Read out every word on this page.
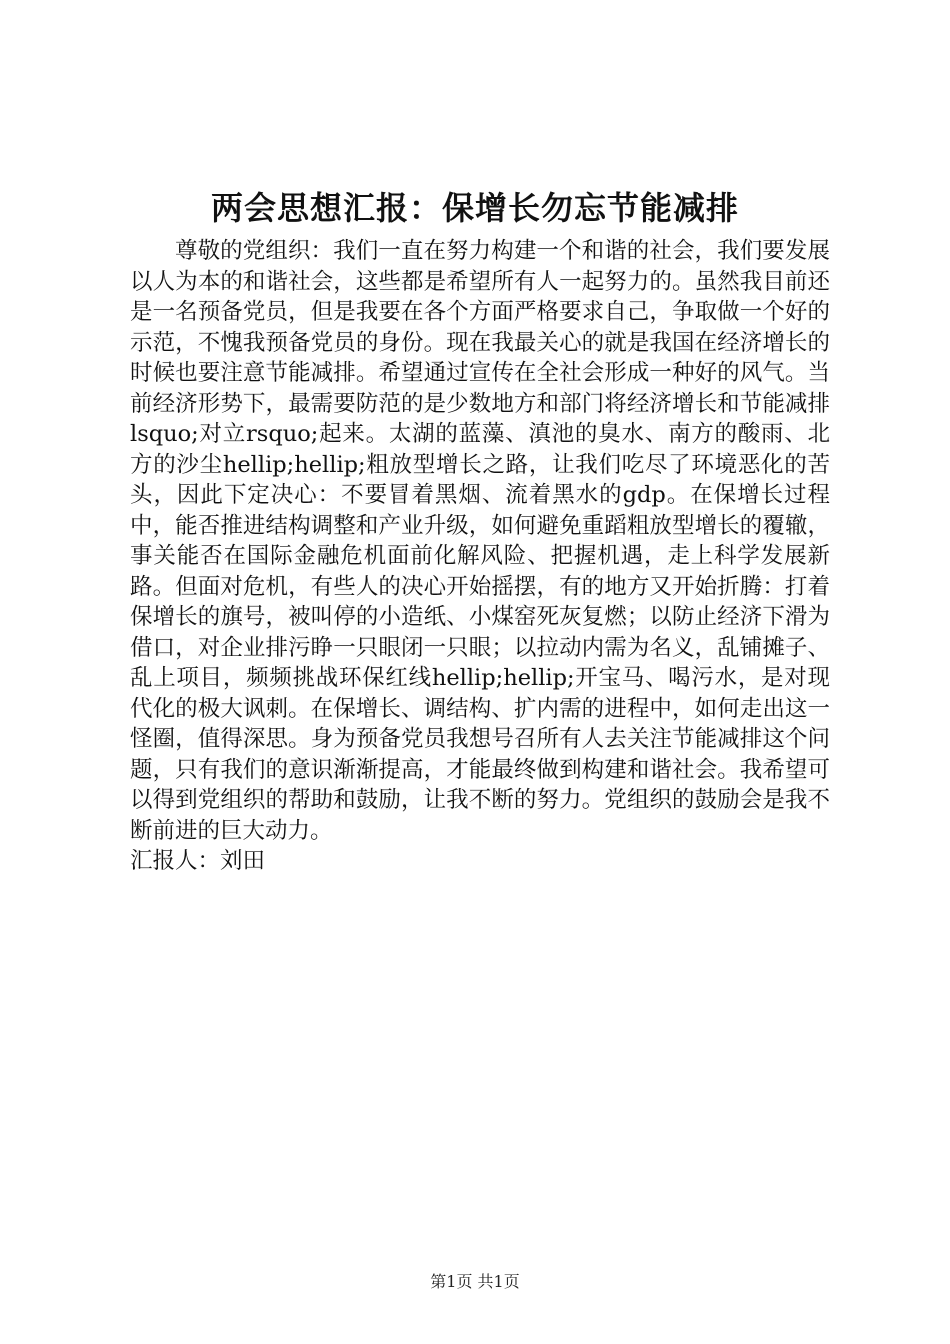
两会思想汇报：保增长勿忘节能减排

尊敬的党组织：我们一直在努力构建一个和谐的社会，我们要发展以人为本的和谐社会，这些都是希望所有人一起努力的。虽然我目前还是一名预备党员，但是我要在各个方面严格要求自己，争取做一个好的示范，不愧我预备党员的身份。现在我最关心的就是我国在经济增长的时候也要注意节能减排。希望通过宣传在全社会形成一种好的风气。当前经济形势下，最需要防范的是少数地方和部门将经济增长和节能减排 lsquo;对立rsquo;起来。太湖的蓝藻、滇池的臭水、南方的酸雨、北方的沙尘hellip;hellip;粗放型增长之路，让我们吃尽了环境恶化的苦头，因此下定决心：不要冒着黑烟、流着黑水的gdp。在保增长过程中，能否推进结构调整和产业升级，如何避免重蹈粗放型增长的覆辙，事关能否在国际金融危机面前化解风险、把握机遇，走上科学发展新路。但面对危机，有些人的决心开始摇摆，有的地方又开始折腾：打着保增长的旗号，被叫停的小造纸、小煤窑死灰复燃；以防止经济下滑为借口，对企业排污睁一只眼闭一只眼；以拉动内需为名义，乱铺摊子、乱上项目，频频挑战环保红线hellip;hellip;开宝马、喝污水，是对现代化的极大讽刺。在保增长、调结构、扩内需的进程中，如何走出这一怪圈，值得深思。身为预备党员我想号召所有人去关注节能减排这个问题，只有我们的意识渐渐提高，才能最终做到构建和谐社会。我希望可以得到党组织的帮助和鼓励，让我不断的努力。党组织的鼓励会是我不断前进的巨大动力。
汇报人：刘田

第1页 共1页
